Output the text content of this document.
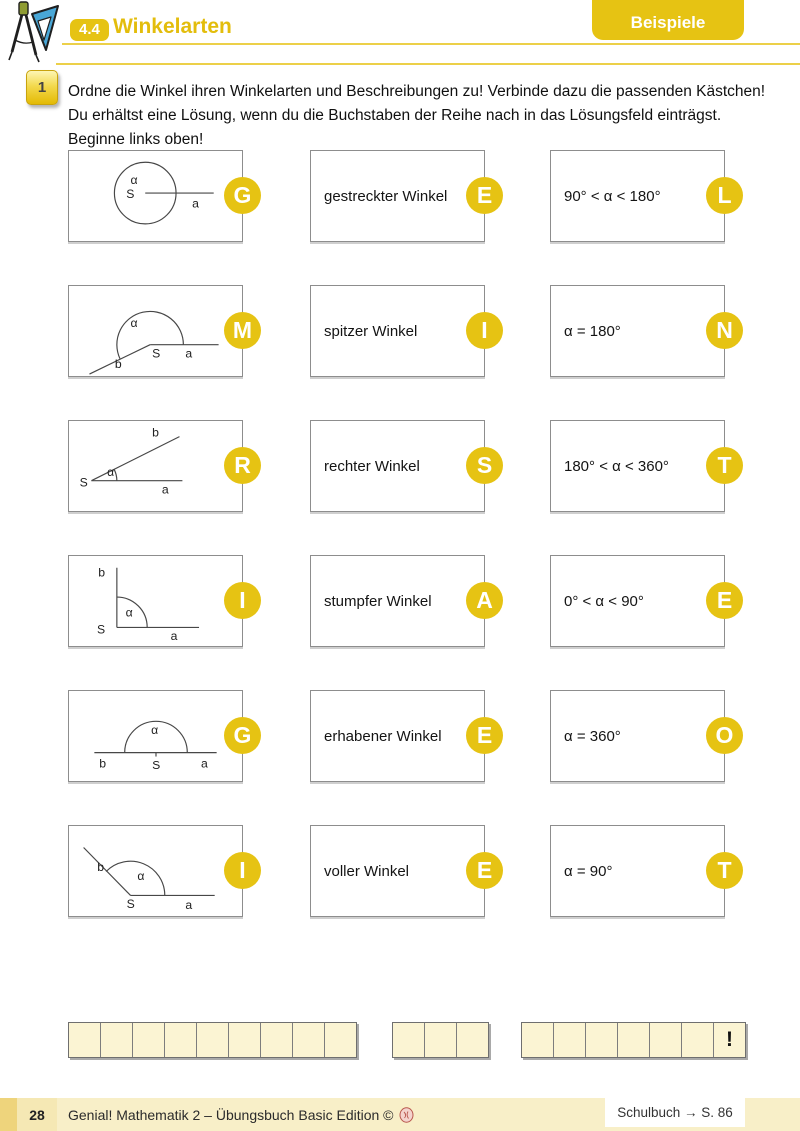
4.4 Winkelarten	Beispiele
1	Ordne die Winkel ihren Winkelarten und Beschreibungen zu! Verbinde dazu die passenden Kästchen!
Du erhältst eine Lösung, wenn du die Buchstaben der Reihe nach in das Lösungsfeld einträgst.
Beginne links oben!
α
S
a	G	gestreckter Winkel	E	90° < α < 180°	L
α
S a
b
M	spitzer Winkel	I	α = 180°	N
α
S	a
b
R	rechter Winkel	S	180° < α < 360°	T
α
S	a
b
I	stumpfer Winkel	A	0° < α < 90°	E
α
S	a
b
G	erhabener Winkel	E	α = 360°	O
α
S	a
b	I	voller Winkel	E	α = 90°	T
!
28	Genial! Mathematik 2 – Übungsbuch Basic Edition ©	Schulbuch → S. 86
